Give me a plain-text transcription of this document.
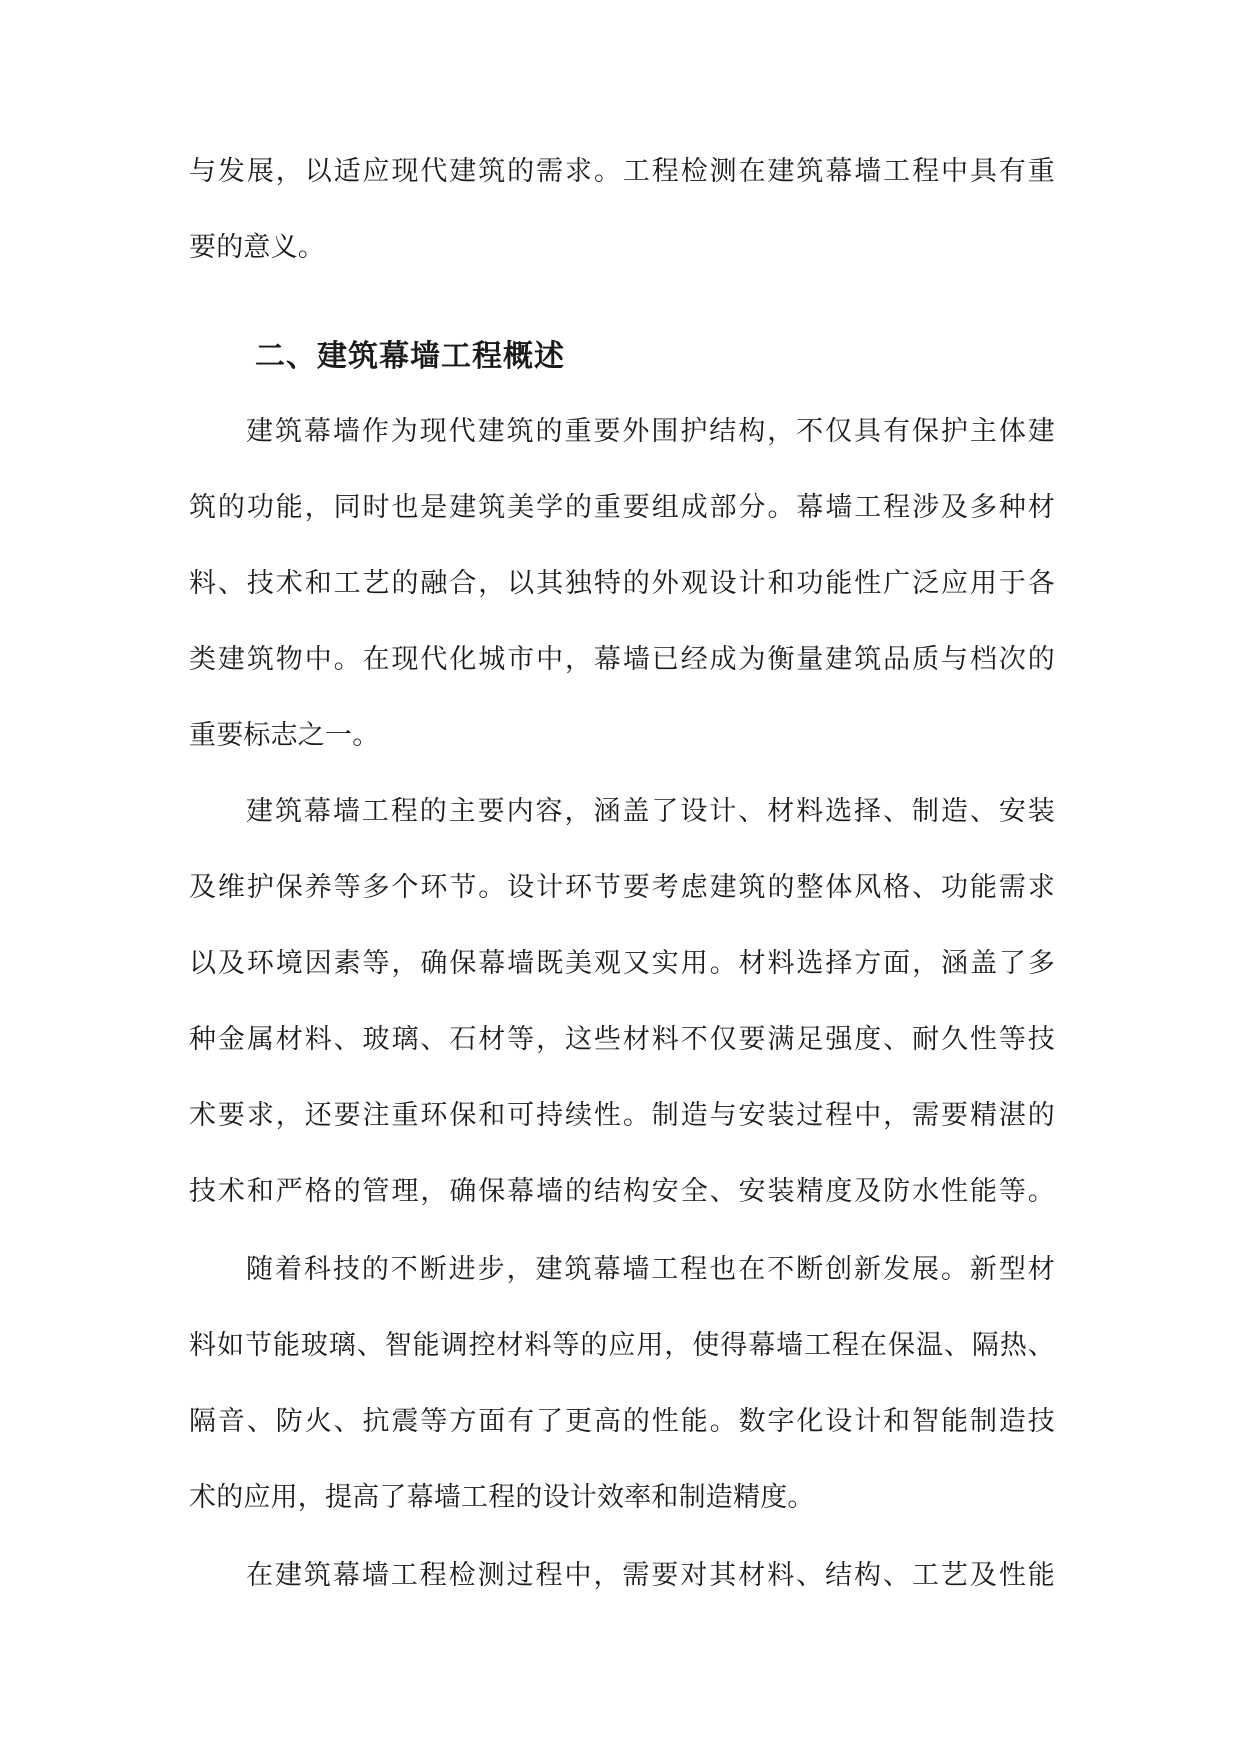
与发展，以适应现代建筑的需求。工程检测在建筑幕墙工程中具有重
要的意义。
二、建筑幕墙工程概述
建筑幕墙作为现代建筑的重要外围护结构，不仅具有保护主体建
筑的功能，同时也是建筑美学的重要组成部分。幕墙工程涉及多种材
料、技术和工艺的融合，以其独特的外观设计和功能性广泛应用于各
类建筑物中。在现代化城市中，幕墙已经成为衡量建筑品质与档次的
重要标志之一。
建筑幕墙工程的主要内容，涵盖了设计、材料选择、制造、安装
及维护保养等多个环节。设计环节要考虑建筑的整体风格、功能需求
以及环境因素等，确保幕墙既美观又实用。材料选择方面，涵盖了多
种金属材料、玻璃、石材等，这些材料不仅要满足强度、耐久性等技
术要求，还要注重环保和可持续性。制造与安装过程中，需要精湛的
技术和严格的管理，确保幕墙的结构安全、安装精度及防水性能等。
随着科技的不断进步，建筑幕墙工程也在不断创新发展。新型材
料如节能玻璃、智能调控材料等的应用，使得幕墙工程在保温、隔热、
隔音、防火、抗震等方面有了更高的性能。数字化设计和智能制造技
术的应用，提高了幕墙工程的设计效率和制造精度。
在建筑幕墙工程检测过程中，需要对其材料、结构、工艺及性能
